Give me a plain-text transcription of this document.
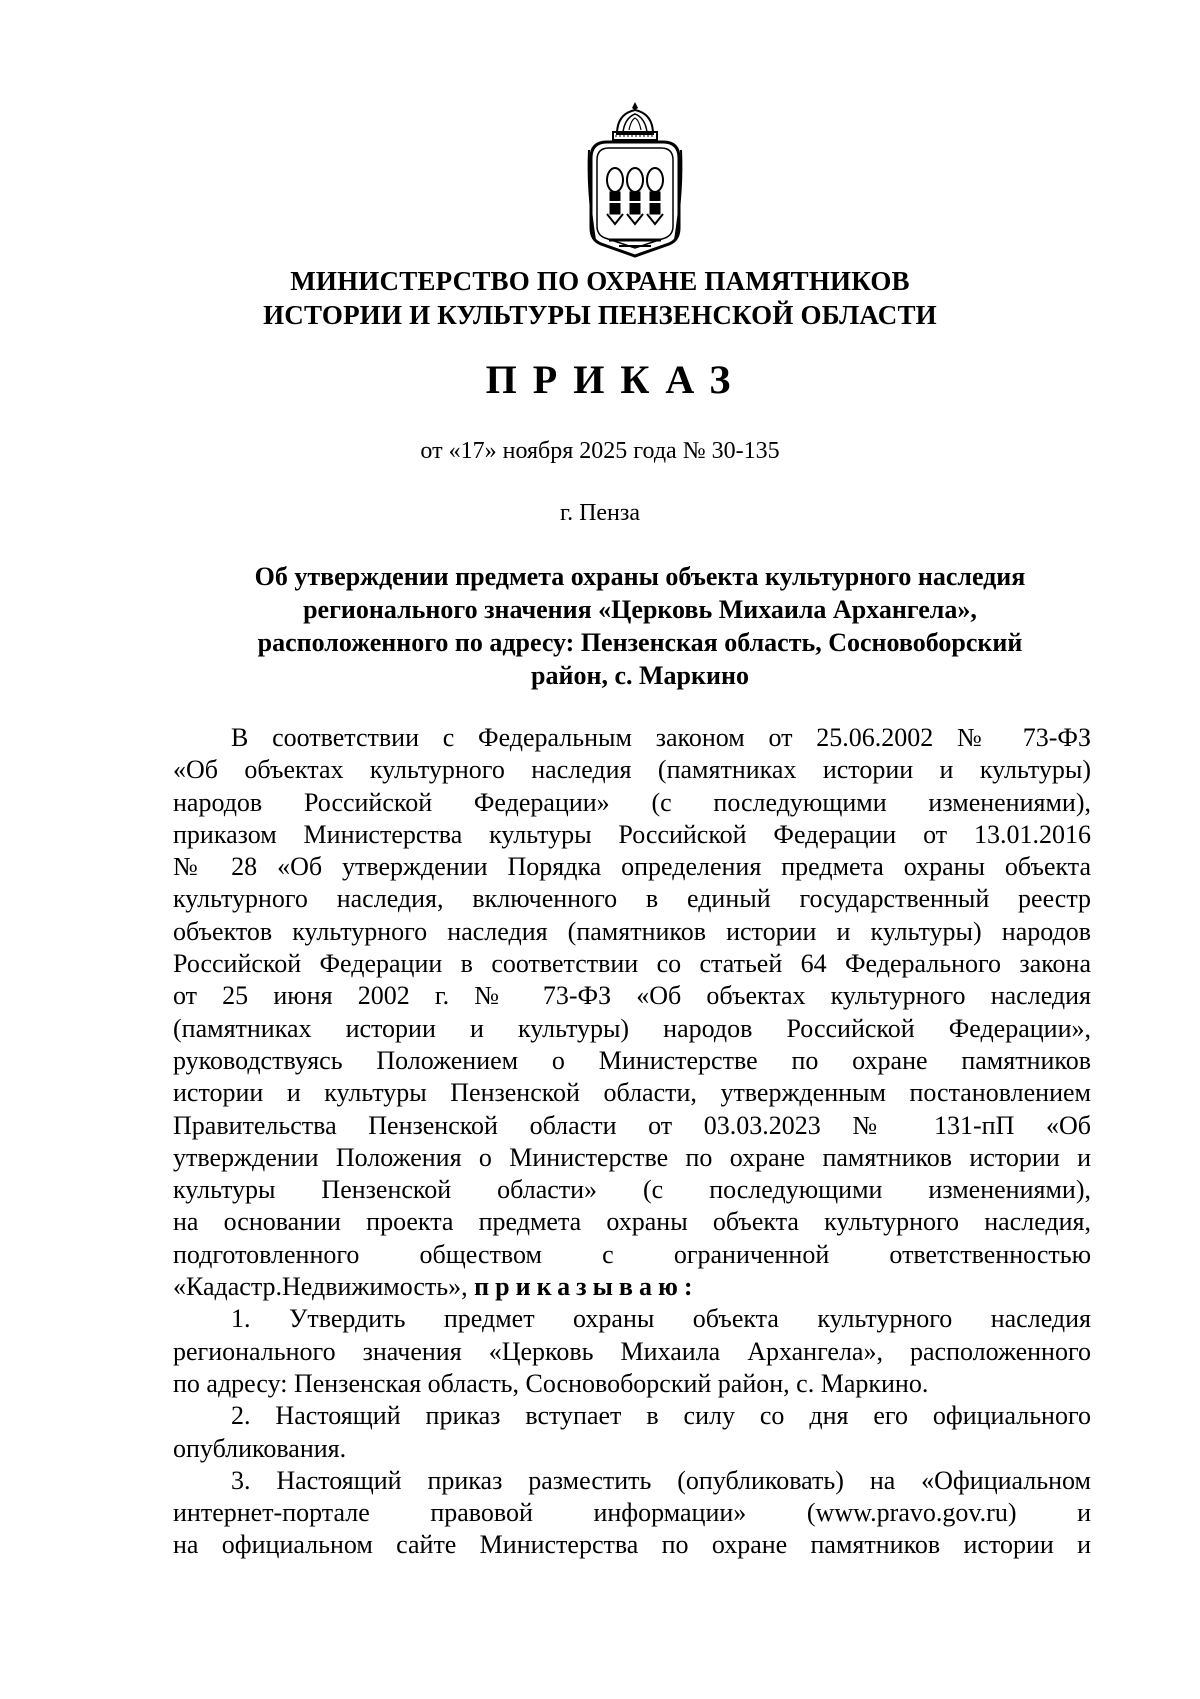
МИНИСТЕРСТВО ПО ОХРАНЕ ПАМЯТНИКОВ
ИСТОРИИ И КУЛЬТУРЫ ПЕНЗЕНСКОЙ ОБЛАСТИ
ПРИКАЗ
от «17» ноября 2025 года № 30-135
г. Пенза
Об утверждении предмета охраны объекта культурного наследия
регионального значения «Церковь Михаила Архангела»,
расположенного по адресу: Пензенская область, Сосновоборский
район, с. Маркино
В соответствии с Федеральным законом от 25.06.2002 № 73-ФЗ
«Об объектах культурного наследия (памятниках истории и культуры)
народов Российской Федерации» (с последующими изменениями),
приказом Министерства культуры Российской Федерации от 13.01.2016
№ 28 «Об утверждении Порядка определения предмета охраны объекта
культурного наследия, включенного в единый государственный реестр
объектов культурного наследия (памятников истории и культуры) народов
Российской Федерации в соответствии со статьей 64 Федерального закона
от 25 июня 2002 г. № 73-ФЗ «Об объектах культурного наследия
(памятниках истории и культуры) народов Российской Федерации»,
руководствуясь Положением о Министерстве по охране памятников
истории и культуры Пензенской области, утвержденным постановлением
Правительства Пензенской области от 03.03.2023 № 131-пП «Об
утверждении Положения о Министерстве по охране памятников истории и
культуры Пензенской области» (с последующими изменениями),
на основании проекта предмета охраны объекта культурного наследия,
подготовленного обществом с ограниченной ответственностью
«Кадастр.Недвижимость», приказываю:
1. Утвердить предмет охраны объекта культурного наследия
регионального значения «Церковь Михаила Архангела», расположенного
по адресу: Пензенская область, Сосновоборский район, с. Маркино.
2. Настоящий приказ вступает в силу со дня его официального
опубликования.
3. Настоящий приказ разместить (опубликовать) на «Официальном
интернет-портале правовой информации» (www.pravo.gov.ru) и
на официальном сайте Министерства по охране памятников истории и
